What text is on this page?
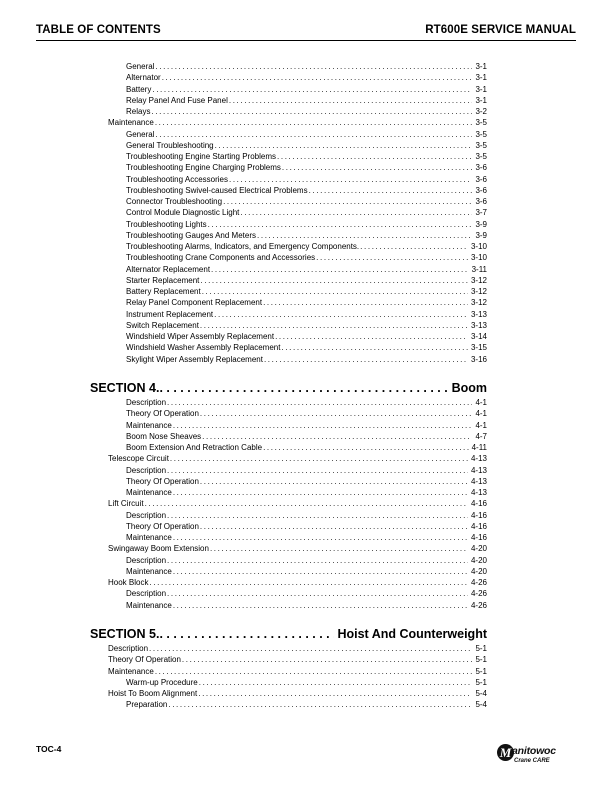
TABLE OF CONTENTS	RT600E SERVICE MANUAL
General . . .	3-1
Alternator . . .	3-1
Battery . . .	3-1
Relay Panel And Fuse Panel . . .	3-1
Relays . . .	3-2
Maintenance . . .	3-5
General . . .	3-5
General Troubleshooting . . .	3-5
Troubleshooting Engine Starting Problems . . .	3-5
Troubleshooting Engine Charging Problems . . .	3-6
Troubleshooting Accessories . . .	3-6
Troubleshooting Swivel-caused Electrical Problems . . .	3-6
Connector Troubleshooting . . .	3-6
Control Module Diagnostic Light . . .	3-7
Troubleshooting Lights . . .	3-9
Troubleshooting Gauges And Meters . . .	3-9
Troubleshooting Alarms, Indicators, and Emergency Components. . . .	3-10
Troubleshooting Crane Components and Accessories . . .	3-10
Alternator Replacement . . .	3-11
Starter Replacement . . .	3-12
Battery Replacement . . .	3-12
Relay Panel Component Replacement . . .	3-12
Instrument Replacement . . .	3-13
Switch Replacement . . .	3-13
Windshield Wiper Assembly Replacement . . .	3-14
Windshield Washer Assembly Replacement . . .	3-15
Skylight Wiper Assembly Replacement . . .	3-16
SECTION 4. . . .	Boom
Description . . .	4-1
Theory Of Operation . . .	4-1
Maintenance . . .	4-1
Boom Nose Sheaves . . .	4-7
Boom Extension And Retraction Cable . . .	4-11
Telescope Circuit . . .	4-13
Description . . .	4-13
Theory Of Operation . . .	4-13
Maintenance . . .	4-13
Lift Circuit . . .	4-16
Description . . .	4-16
Theory Of Operation . . .	4-16
Maintenance . . .	4-16
Swingaway Boom Extension . . .	4-20
Description . . .	4-20
Maintenance . . .	4-20
Hook Block . . .	4-26
Description . . .	4-26
Maintenance . . .	4-26
SECTION 5. . . .	Hoist And Counterweight
Description . . .	5-1
Theory Of Operation . . .	5-1
Maintenance . . .	5-1
Warm-up Procedure . . .	5-1
Hoist To Boom Alignment . . .	5-4
Preparation . . .	5-4
TOC-4	M anitowoc
Crane CARE
